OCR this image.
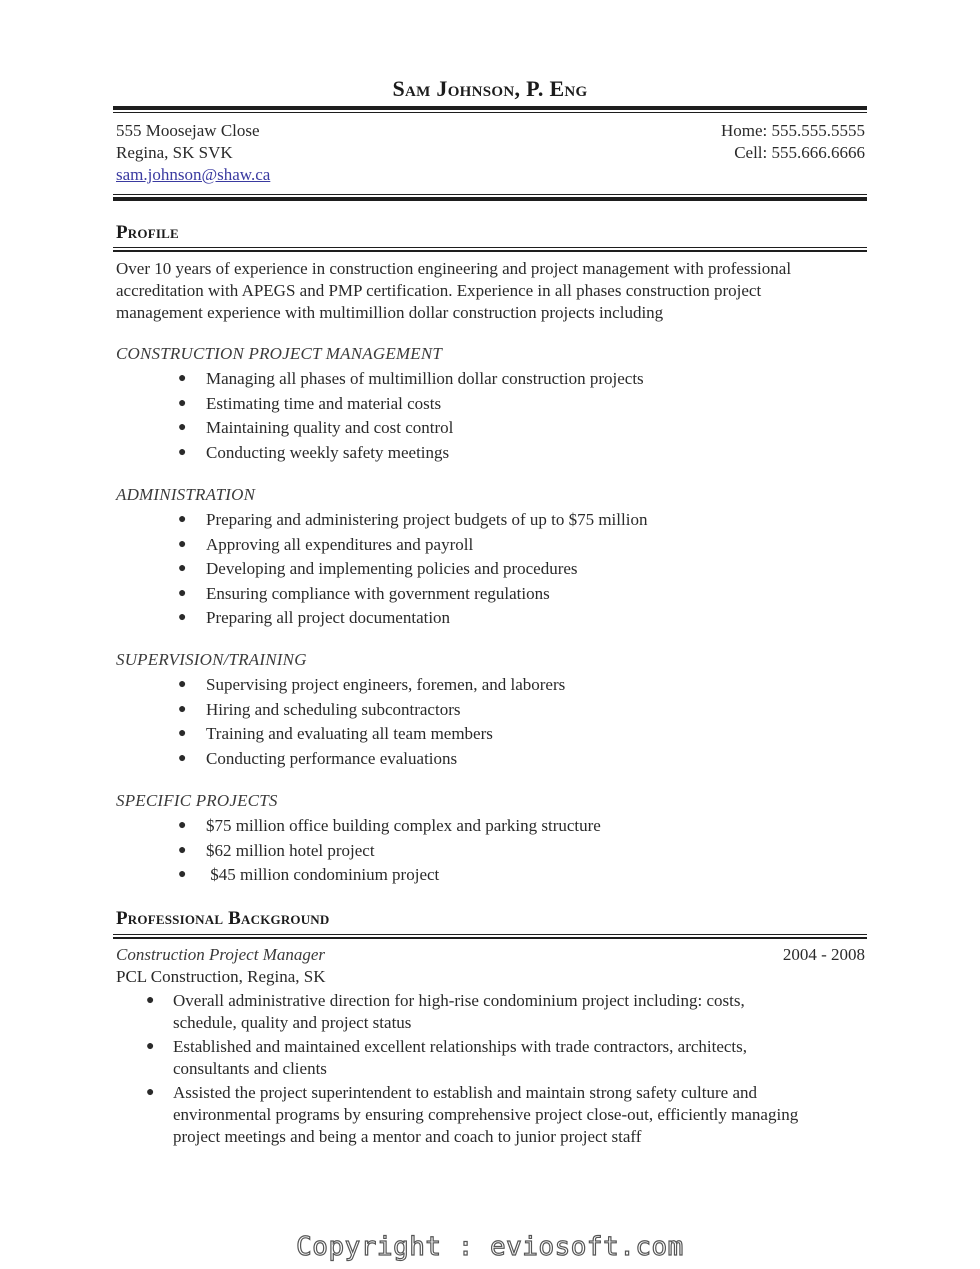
Sam Johnson, P. Eng
555 Moosejaw Close
Regina, SK SVK
sam.johnson@shaw.ca
Home: 555.555.5555
Cell: 555.666.6666
Profile
Over 10 years of experience in construction engineering and project management with professional
accreditation with APEGS and PMP certification. Experience in all phases construction project
management experience with multimillion dollar construction projects including
CONSTRUCTION PROJECT MANAGEMENT
● Managing all phases of multimillion dollar construction projects
● Estimating time and material costs
● Maintaining quality and cost control
● Conducting weekly safety meetings
ADMINISTRATION
● Preparing and administering project budgets of up to $75 million
● Approving all expenditures and payroll
● Developing and implementing policies and procedures
● Ensuring compliance with government regulations
● Preparing all project documentation
SUPERVISION/TRAINING
● Supervising project engineers, foremen, and laborers
● Hiring and scheduling subcontractors
● Training and evaluating all team members
● Conducting performance evaluations
SPECIFIC PROJECTS
● $75 million office building complex and parking structure
● $62 million hotel project
● $45 million condominium project
Professional Background
Construction Project Manager	2004 - 2008
PCL Construction, Regina, SK
● Overall administrative direction for high-rise condominium project including: costs,
schedule, quality and project status
● Established and maintained excellent relationships with trade contractors, architects,
consultants and clients
● Assisted the project superintendent to establish and maintain strong safety culture and
environmental programs by ensuring comprehensive project close-out, efficiently managing
project meetings and being a mentor and coach to junior project staff
Copyright : eviosoft.com
